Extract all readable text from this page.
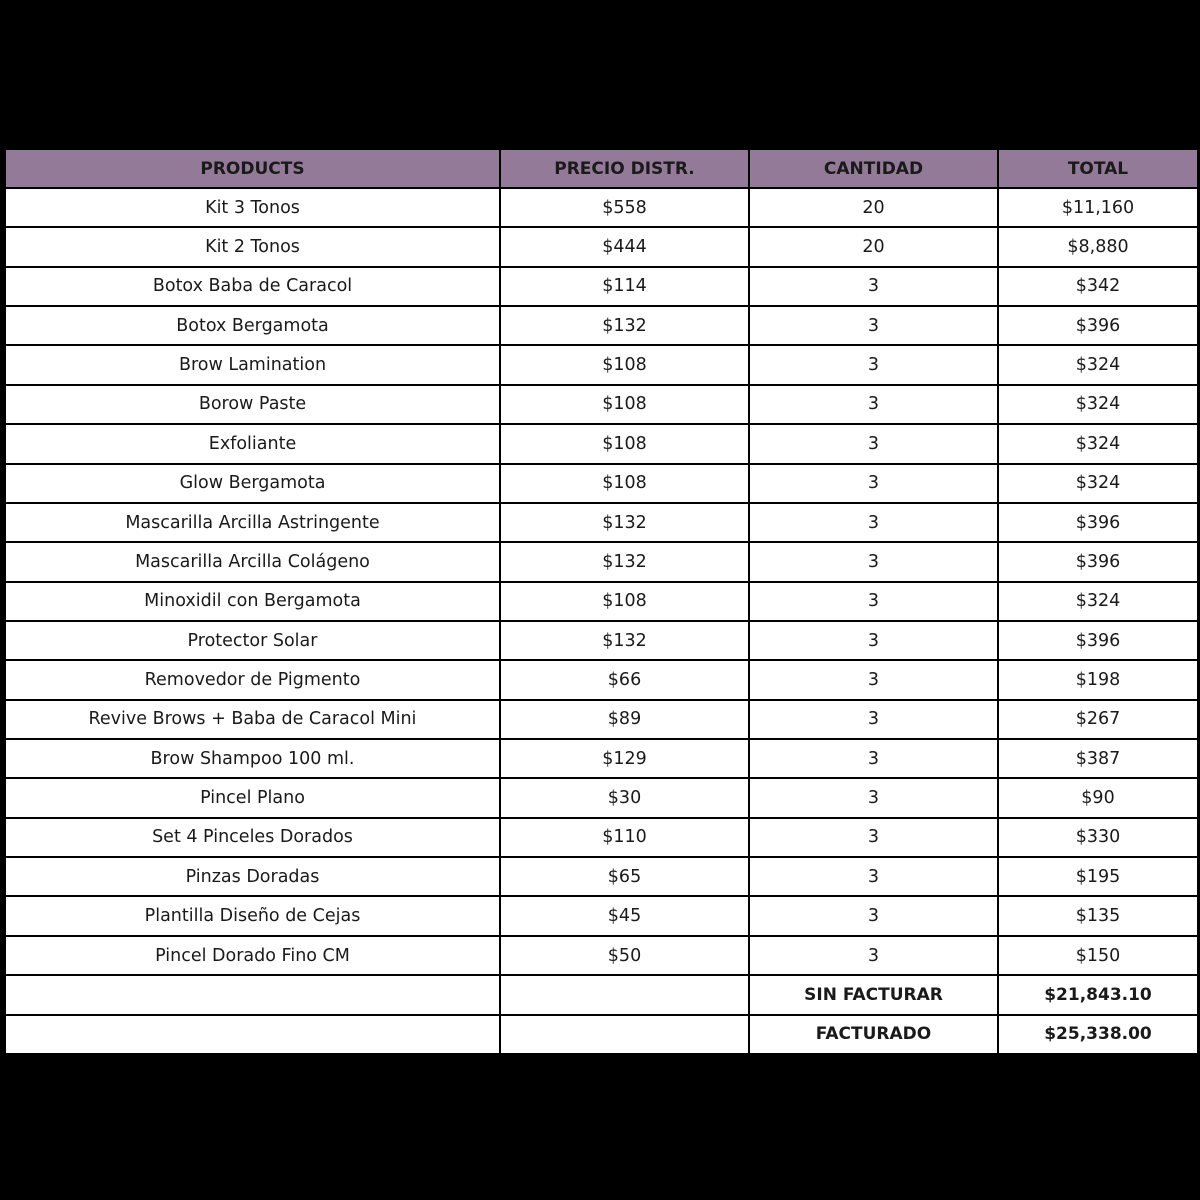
PRODUCTS	PRECIO DISTR.	CANTIDAD	TOTAL
Kit 3 Tonos	$558	20	$11,160
Kit 2 Tonos	$444	20	$8,880
Botox Baba de Caracol	$114	3	$342
Botox Bergamota	$132	3	$396
Brow Lamination	$108	3	$324
Borow Paste	$108	3	$324
Exfoliante	$108	3	$324
Glow Bergamota	$108	3	$324
Mascarilla Arcilla Astringente	$132	3	$396
Mascarilla Arcilla Colágeno	$132	3	$396
Minoxidil con Bergamota	$108	3	$324
Protector Solar	$132	3	$396
Removedor de Pigmento	$66	3	$198
Revive Brows + Baba de Caracol Mini	$89	3	$267
Brow Shampoo 100 ml.	$129	3	$387
Pincel Plano	$30	3	$90
Set 4 Pinceles Dorados	$110	3	$330
Pinzas Doradas	$65	3	$195
Plantilla Diseño de Cejas	$45	3	$135
Pincel Dorado Fino CM	$50	3	$150
		SIN FACTURAR	$21,843.10
		FACTURADO	$25,338.00
